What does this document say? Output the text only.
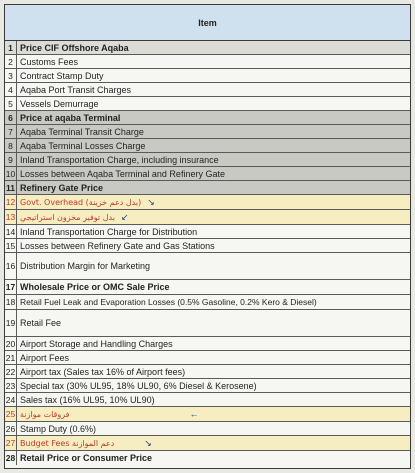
Item
1 Price CIF Offshore Aqaba
2 Customs Fees
3 Contract Stamp Duty
4 Aqaba Port Transit Charges
5 Vessels Demurrage
6 Price at aqaba Terminal
7 Aqaba Terminal Transit Charge
8 Aqaba Terminal Losses Charge
9 Inland Transportation Charge, including insurance
10 Losses between Aqaba Terminal and Refinery Gate
11 Refinery Gate Price
12 Govt. Overhead (بدل دعم خزينة) ↘
13 بدل توفير مخزون استراتيجي ↙
14 Inland Transportation Charge for Distribution
15 Losses between Refinery Gate and Gas Stations
16 Distribution Margin for Marketing
17 Wholesale Price or OMC Sale Price
18 Retail Fuel Leak and Evaporation Losses (0.5% Gasoline, 0.2% Kero & Diesel)
19 Retail Fee
20 Airport Storage and Handling Charges
21 Airport Fees
22 Airport tax (Sales tax 16% of Airport fees)
23 Special tax (30% UL95, 18% UL90, 6% Diesel & Kerosene)
24 Sales tax (16% UL95, 10% UL90)
25 فروقات موازنة	←
26 Stamp Duty (0.6%)
27 Budget Fees دعم الموازنة	↘
28 Retail Price or Consumer Price
